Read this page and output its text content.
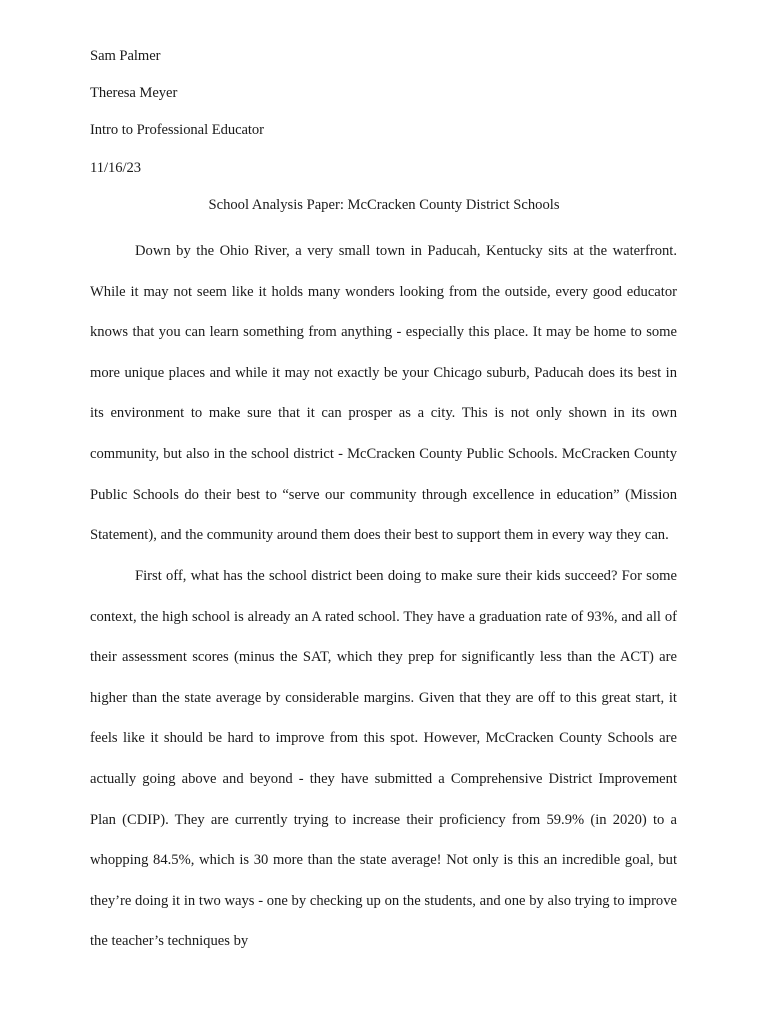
Sam Palmer
Theresa Meyer
Intro to Professional Educator
11/16/23
School Analysis Paper: McCracken County District Schools

Down by the Ohio River, a very small town in Paducah, Kentucky sits at the waterfront. While it may not seem like it holds many wonders looking from the outside, every good educator knows that you can learn something from anything - especially this place. It may be home to some more unique places and while it may not exactly be your Chicago suburb, Paducah does its best in its environment to make sure that it can prosper as a city. This is not only shown in its own community, but also in the school district - McCracken County Public Schools. McCracken County Public Schools do their best to “serve our community through excellence in education” (Mission Statement), and the community around them does their best to support them in every way they can.

First off, what has the school district been doing to make sure their kids succeed? For some context, the high school is already an A rated school. They have a graduation rate of 93%, and all of their assessment scores (minus the SAT, which they prep for significantly less than the ACT) are higher than the state average by considerable margins. Given that they are off to this great start, it feels like it should be hard to improve from this spot. However, McCracken County Schools are actually going above and beyond - they have submitted a Comprehensive District Improvement Plan (CDIP). They are currently trying to increase their proficiency from 59.9% (in 2020) to a whopping 84.5%, which is 30 more than the state average! Not only is this an incredible goal, but they’re doing it in two ways - one by checking up on the students, and one by also trying to improve the teacher’s techniques by
